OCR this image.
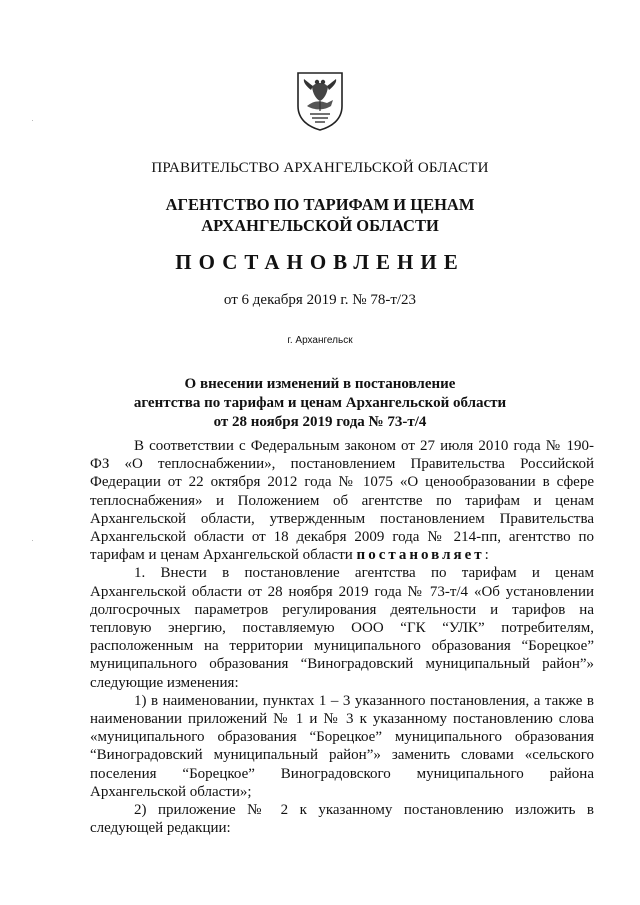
ПРАВИТЕЛЬСТВО АРХАНГЕЛЬСКОЙ ОБЛАСТИ
АГЕНТСТВО ПО ТАРИФАМ И ЦЕНАМ
АРХАНГЕЛЬСКОЙ ОБЛАСТИ
ПОСТАНОВЛЕНИЕ
от 6 декабря 2019 г. № 78-т/23
г. Архангельск
О внесении изменений в постановление
агентства по тарифам и ценам Архангельской области
от 28 ноября 2019 года № 73-т/4

В соответствии с Федеральным законом от 27 июля 2010 года № 190-ФЗ «О теплоснабжении», постановлением Правительства Российской Федерации от 22 октября 2012 года № 1075 «О ценообразовании в сфере теплоснабжения» и Положением об агентстве по тарифам и ценам Архангельской области, утвержденным постановлением Правительства Архангельской области от 18 декабря 2009 года № 214-пп, агентство по тарифам и ценам Архангельской области постановляет:

1. Внести в постановление агентства по тарифам и ценам Архангельской области от 28 ноября 2019 года № 73-т/4 «Об установлении долгосрочных параметров регулирования деятельности и тарифов на тепловую энергию, поставляемую ООО “ГК “УЛК” потребителям, расположенным на территории муниципального образования “Борецкое” муниципального образования “Виноградовский муниципальный район”» следующие изменения:

1) в наименовании, пунктах 1 – 3 указанного постановления, а также в наименовании приложений № 1 и № 3 к указанному постановлению слова «муниципального образования “Борецкое” муниципального образования “Виноградовский муниципальный район”» заменить словами «сельского поселения “Борецкое” Виноградовского муниципального района Архангельской области»;

2) приложение № 2 к указанному постановлению изложить в следующей редакции:
